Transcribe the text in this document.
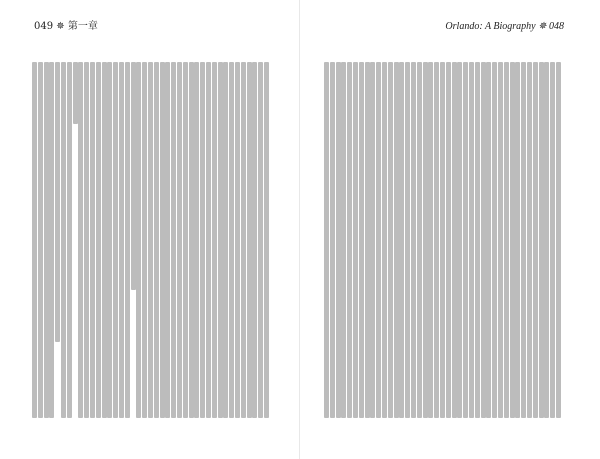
049 ✵ 第一章	Orlando: A Biography ✵ 048
